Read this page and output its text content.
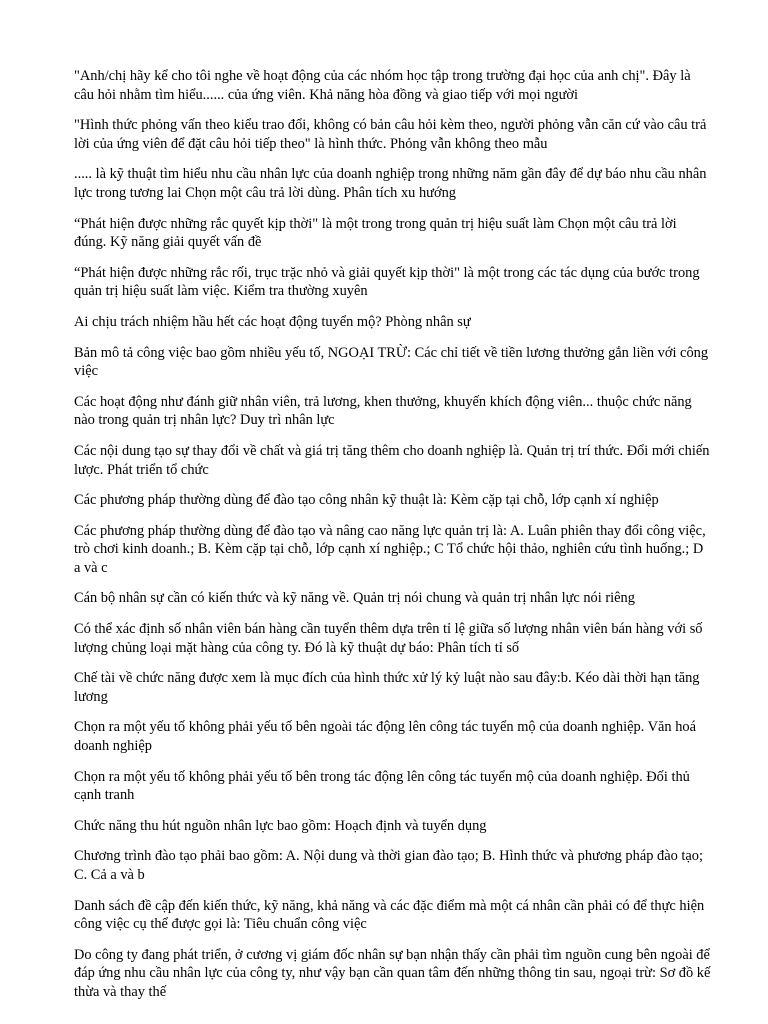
"Anh/chị hãy kể cho tôi nghe về hoạt động của các nhóm học tập trong trường đại học của anh chị". Đây là câu hỏi nhằm tìm hiểu...... của ứng viên. Khả năng hòa đồng và giao tiếp với mọi người

"Hình thức phỏng vấn theo kiểu trao đổi, không có bản câu hỏi kèm theo, người phỏng vẫn căn cứ vào câu trả lời của ứng viên để đặt câu hỏi tiếp theo" là hình thức. Phỏng vẫn không theo mẫu

..... là kỹ thuật tìm hiểu nhu cầu nhân lực của doanh nghiệp trong những năm gần đây để dự báo nhu cầu nhân lực trong tương lai Chọn một câu trả lời dùng. Phân tích xu hướng

“Phát hiện được những rắc quyết kịp thời" là một trong trong quản trị hiệu suất làm Chọn một câu trả lời đúng. Kỹ năng giải quyết vấn đề

“Phát hiện được những rắc rối, trục trặc nhỏ và giải quyết kịp thời" là một trong các tác dụng của bước trong quản trị hiệu suất làm việc. Kiểm tra thường xuyên

Ai chịu trách nhiệm hầu hết các hoạt động tuyển mộ? Phòng nhân sự

Bản mô tả công việc bao gồm nhiều yếu tố, NGOẠI TRỪ: Các chỉ tiết về tiền lương thưởng gắn liền với công việc

Các hoạt động như đánh giữ nhân viên, trả lương, khen thưởng, khuyến khích động viên... thuộc chức năng nào trong quản trị nhân lực? Duy trì nhân lực

Các nội dung tạo sự thay đổi về chất và giá trị tăng thêm cho doanh nghiệp là. Quản trị trí thức. Đổi mới chiến lược. Phát triển tổ chức

Các phương pháp thường dùng để đào tạo công nhân kỹ thuật là: Kèm cặp tại chỗ, lớp cạnh xí nghiệp

Các phương pháp thường dùng để đào tạo và nâng cao năng lực quản trị là: A. Luân phiên thay đổi công việc, trò chơi kinh doanh.; B. Kèm cặp tại chỗ, lớp cạnh xí nghiệp.; C Tổ chức hội thảo, nghiên cứu tình huống.; D a và c

Cán bộ nhân sự cần có kiến thức và kỹ năng về. Quản trị nói chung và quản trị nhân lực nói riêng

Có thể xác định số nhân viên bán hàng cần tuyển thêm dựa trên tỉ lệ giữa số lượng nhân viên bán hàng với số lượng chủng loại mặt hàng của công ty. Đó là kỹ thuật dự báo: Phân tích tỉ số

Chế tài về chức năng được xem là mục đích của hình thức xử lý kỷ luật nào sau đây:b. Kéo dài thời hạn tăng lương

Chọn ra một yếu tố không phải yếu tố bên ngoài tác động lên công tác tuyển mộ của doanh nghiệp. Văn hoá doanh nghiệp

Chọn ra một yếu tố không phải yếu tố bên trong tác động lên công tác tuyển mộ của doanh nghiệp. Đối thủ cạnh tranh

Chức năng thu hút nguồn nhân lực bao gồm: Hoạch định và tuyển dụng

Chương trình đào tạo phải bao gồm: A. Nội dung và thời gian đào tạo; B. Hình thức và phương pháp đào tạo; C. Cả a và b

Danh sách đề cập đến kiến thức, kỹ năng, khả năng và các đặc điểm mà một cá nhân cần phải có để thực hiện công việc cụ thể được gọi là: Tiêu chuẩn công việc

Do công ty đang phát triển, ở cương vị giám đốc nhân sự bạn nhận thấy cần phải tìm nguồn cung bên ngoài để đáp ứng nhu cầu nhân lực của công ty, như vậy bạn cần quan tâm đến những thông tin sau, ngoại trừ: Sơ đồ kế thừa và thay thế
